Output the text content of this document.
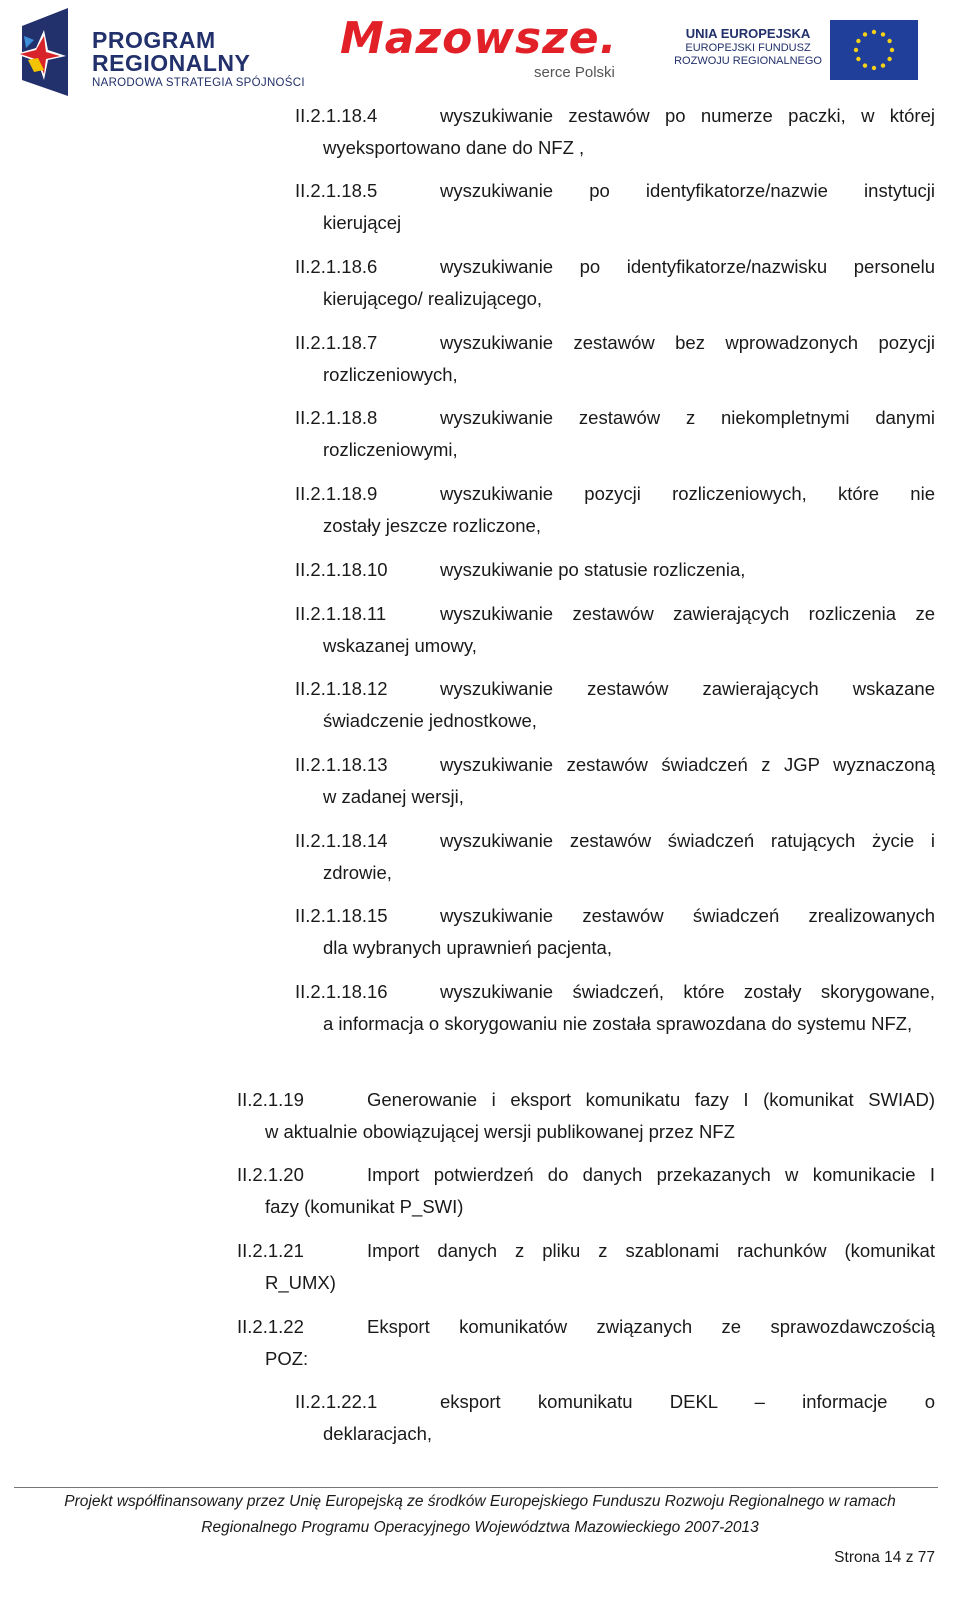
PROGRAM
REGIONALNY
NARODOWA STRATEGIA SPÓJNOŚCI
Mazowsze.
serce Polski
UNIA EUROPEJSKA
EUROPEJSKI FUNDUSZ
ROZWOJU REGIONALNEGO
II.2.1.18.4	wyszukiwanie zestawów po numerze paczki, w której
wyeksportowano dane do NFZ ,
II.2.1.18.5	wyszukiwanie po identyfikatorze/nazwie instytucji
kierującej
II.2.1.18.6	wyszukiwanie po identyfikatorze/nazwisku personelu
kierującego/ realizującego,
II.2.1.18.7	wyszukiwanie zestawów bez wprowadzonych pozycji
rozliczeniowych,
II.2.1.18.8	wyszukiwanie zestawów z niekompletnymi danymi
rozliczeniowymi,
II.2.1.18.9	wyszukiwanie pozycji rozliczeniowych, które nie
zostały jeszcze rozliczone,
II.2.1.18.10	wyszukiwanie po statusie rozliczenia,
II.2.1.18.11	wyszukiwanie zestawów zawierających rozliczenia ze
wskazanej umowy,
II.2.1.18.12	wyszukiwanie zestawów zawierających wskazane
świadczenie jednostkowe,
II.2.1.18.13	wyszukiwanie zestawów świadczeń z JGP wyznaczoną
w zadanej wersji,
II.2.1.18.14	wyszukiwanie zestawów świadczeń ratujących życie i
zdrowie,
II.2.1.18.15	wyszukiwanie zestawów świadczeń zrealizowanych
dla wybranych uprawnień pacjenta,
II.2.1.18.16	wyszukiwanie świadczeń, które zostały skorygowane,
a informacja o skorygowaniu nie została sprawozdana do systemu NFZ,
II.2.1.19	Generowanie i eksport komunikatu fazy I (komunikat SWIAD)
w aktualnie obowiązującej wersji publikowanej przez NFZ
II.2.1.20	Import potwierdzeń do danych przekazanych w komunikacie I
fazy (komunikat P_SWI)
II.2.1.21	Import danych z pliku z szablonami rachunków (komunikat
R_UMX)
II.2.1.22	Eksport komunikatów związanych ze sprawozdawczością
POZ:
II.2.1.22.1	eksport komunikatu DEKL – informacje o
deklaracjach,
Projekt współfinansowany przez Unię Europejską ze środków Europejskiego Funduszu Rozwoju Regionalnego w ramach
Regionalnego Programu Operacyjnego Województwa Mazowieckiego 2007-2013
Strona 14 z 77
